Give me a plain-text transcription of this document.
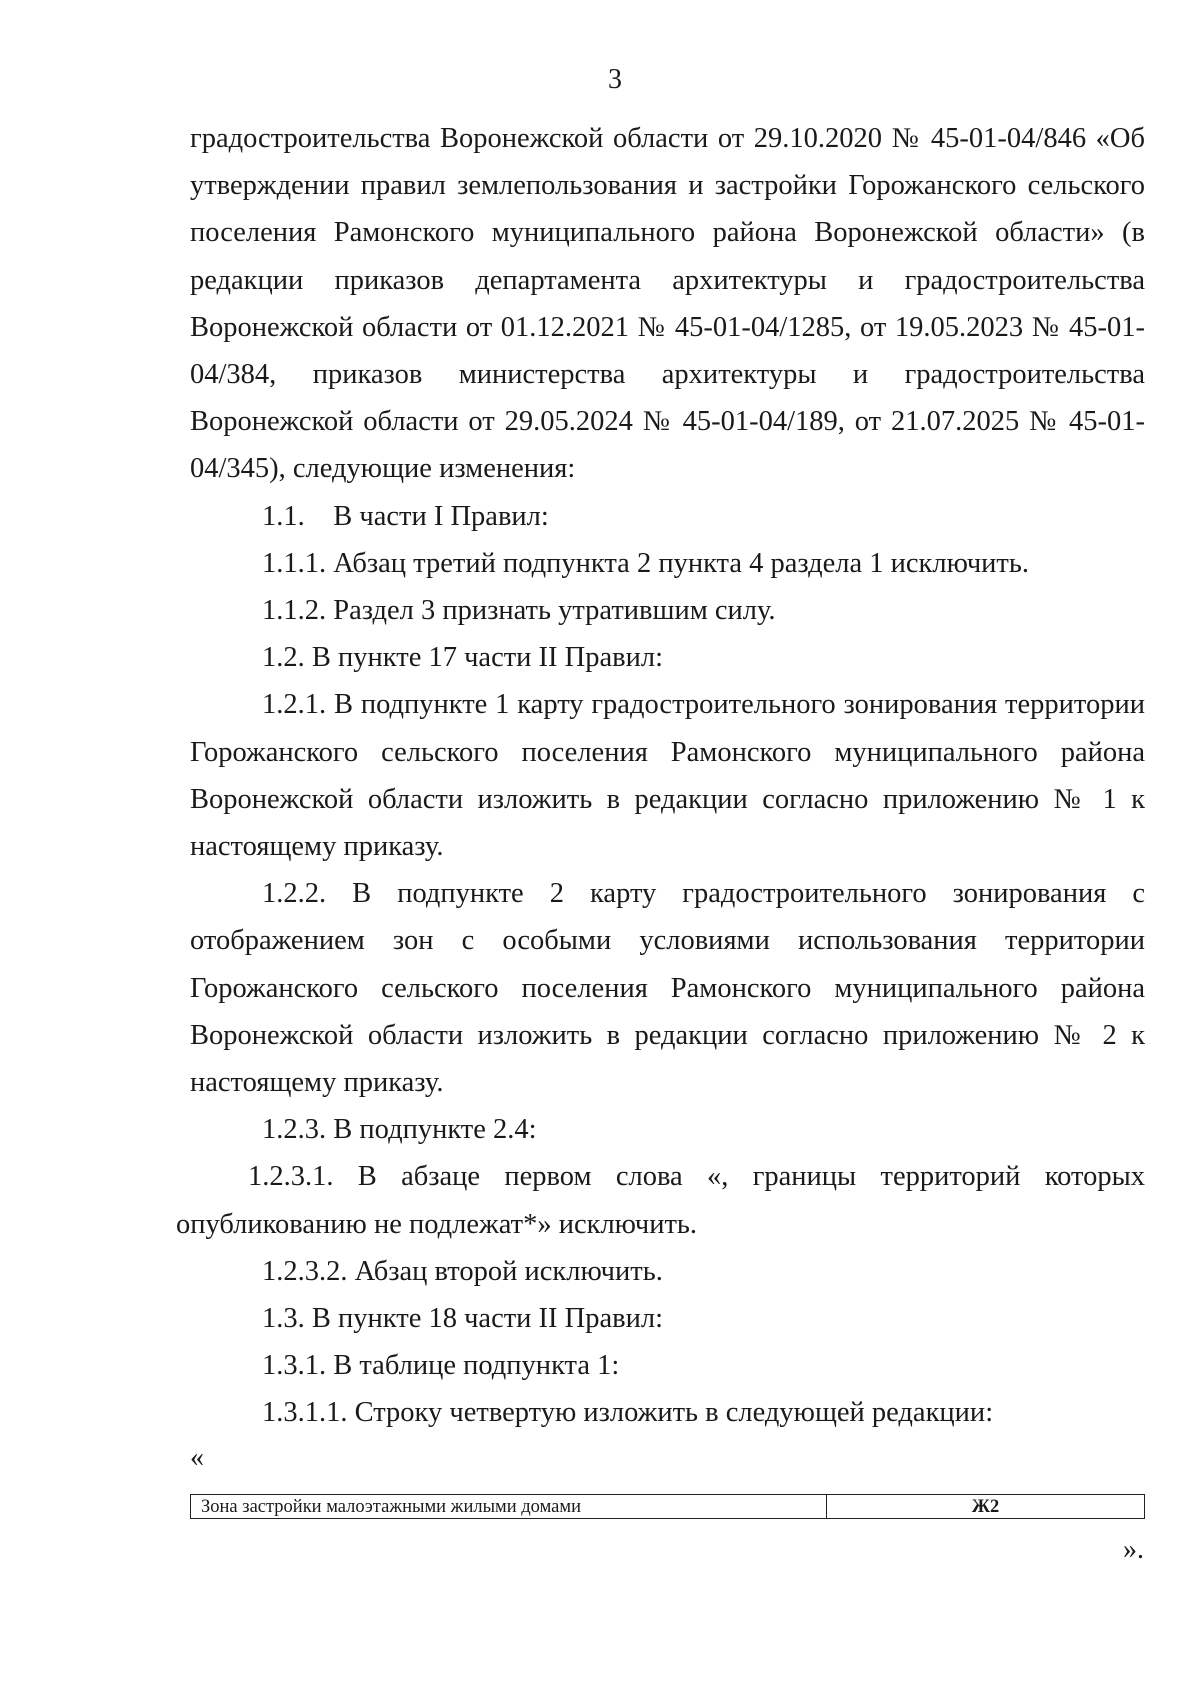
3

градостроительства Воронежской области от 29.10.2020 № 45-01-04/846 «Об утверждении правил землепользования и застройки Горожанского сельского поселения Рамонского муниципального района Воронежской области» (в редакции приказов департамента архитектуры и градостроительства Воронежской области от 01.12.2021 № 45-01-04/1285, от 19.05.2023 № 45-01-04/384, приказов министерства архитектуры и градостроительства Воронежской области от 29.05.2024 № 45-01-04/189, от 21.07.2025 № 45-01-04/345), следующие изменения:

1.1.    В части I Правил:

1.1.1. Абзац третий подпункта 2 пункта 4 раздела 1 исключить.

1.1.2. Раздел 3 признать утратившим силу.

1.2. В пункте 17 части II Правил:

1.2.1. В подпункте 1 карту градостроительного зонирования территории Горожанского сельского поселения Рамонского муниципального района Воронежской области изложить в редакции согласно приложению № 1 к настоящему приказу.

1.2.2. В подпункте 2 карту градостроительного зонирования с отображением зон с особыми условиями использования территории Горожанского сельского поселения Рамонского муниципального района Воронежской области изложить в редакции согласно приложению № 2 к настоящему приказу.

1.2.3. В подпункте 2.4:

1.2.3.1. В абзаце первом слова «, границы территорий которых опубликованию не подлежат*» исключить.

1.2.3.2. Абзац второй исключить.

1.3. В пункте 18 части II Правил:

1.3.1. В таблице подпункта 1:

1.3.1.1. Строку четвертую изложить в следующей редакции:

«
Зона застройки малоэтажными жилыми домами	Ж2
».
